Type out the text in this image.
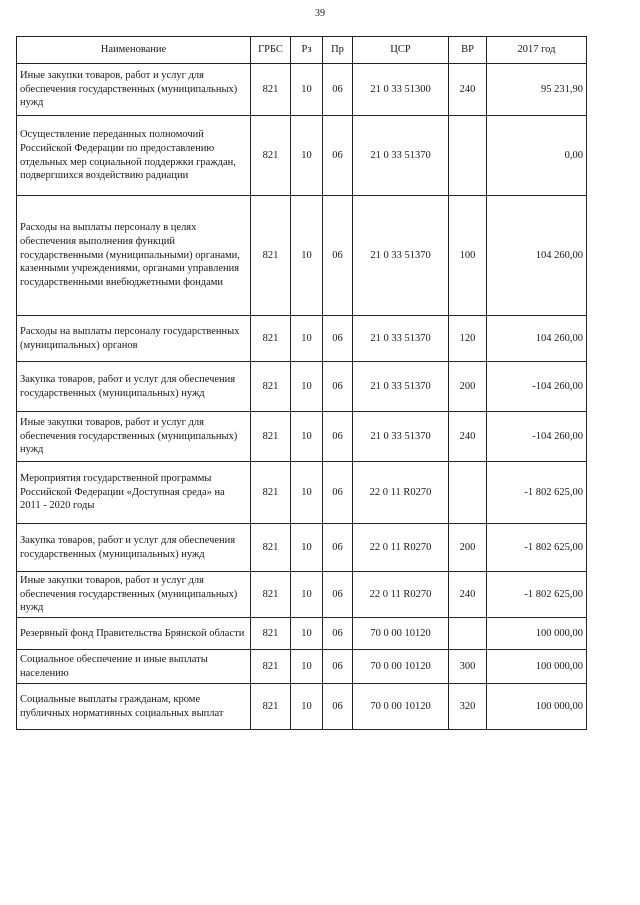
39
Наименование	ГРБС	Рз	Пр	ЦСР	ВР	2017 год
Иные закупки товаров, работ и услуг для обеспечения государственных (муниципальных) нужд	821	10	06	21 0 33 51300	240	95 231,90
Осуществление переданных полномочий Российской Федерации по предоставлению отдельных мер социальной поддержки граждан, подвергшихся воздействию радиации	821	10	06	21 0 33 51370		0,00
Расходы на выплаты персоналу в целях обеспечения выполнения функций государственными (муниципальными) органами, казенными учреждениями, органами управления государственными внебюджетными фондами	821	10	06	21 0 33 51370	100	104 260,00
Расходы на выплаты персоналу государственных (муниципальных) органов	821	10	06	21 0 33 51370	120	104 260,00
Закупка товаров, работ и услуг для обеспечения государственных (муниципальных) нужд	821	10	06	21 0 33 51370	200	-104 260,00
Иные закупки товаров, работ и услуг для обеспечения государственных (муниципальных) нужд	821	10	06	21 0 33 51370	240	-104 260,00
Мероприятия государственной программы Российской Федерации «Доступная среда» на 2011 - 2020 годы	821	10	06	22 0 11 R0270		-1 802 625,00
Закупка товаров, работ и услуг для обеспечения государственных (муниципальных) нужд	821	10	06	22 0 11 R0270	200	-1 802 625,00
Иные закупки товаров, работ и услуг для обеспечения государственных (муниципальных) нужд	821	10	06	22 0 11 R0270	240	-1 802 625,00
Резервный фонд Правительства Брянской области	821	10	06	70 0 00 10120		100 000,00
Социальное обеспечение и иные выплаты населению	821	10	06	70 0 00 10120	300	100 000,00
Социальные выплаты гражданам, кроме публичных нормативных социальных выплат	821	10	06	70 0 00 10120	320	100 000,00
